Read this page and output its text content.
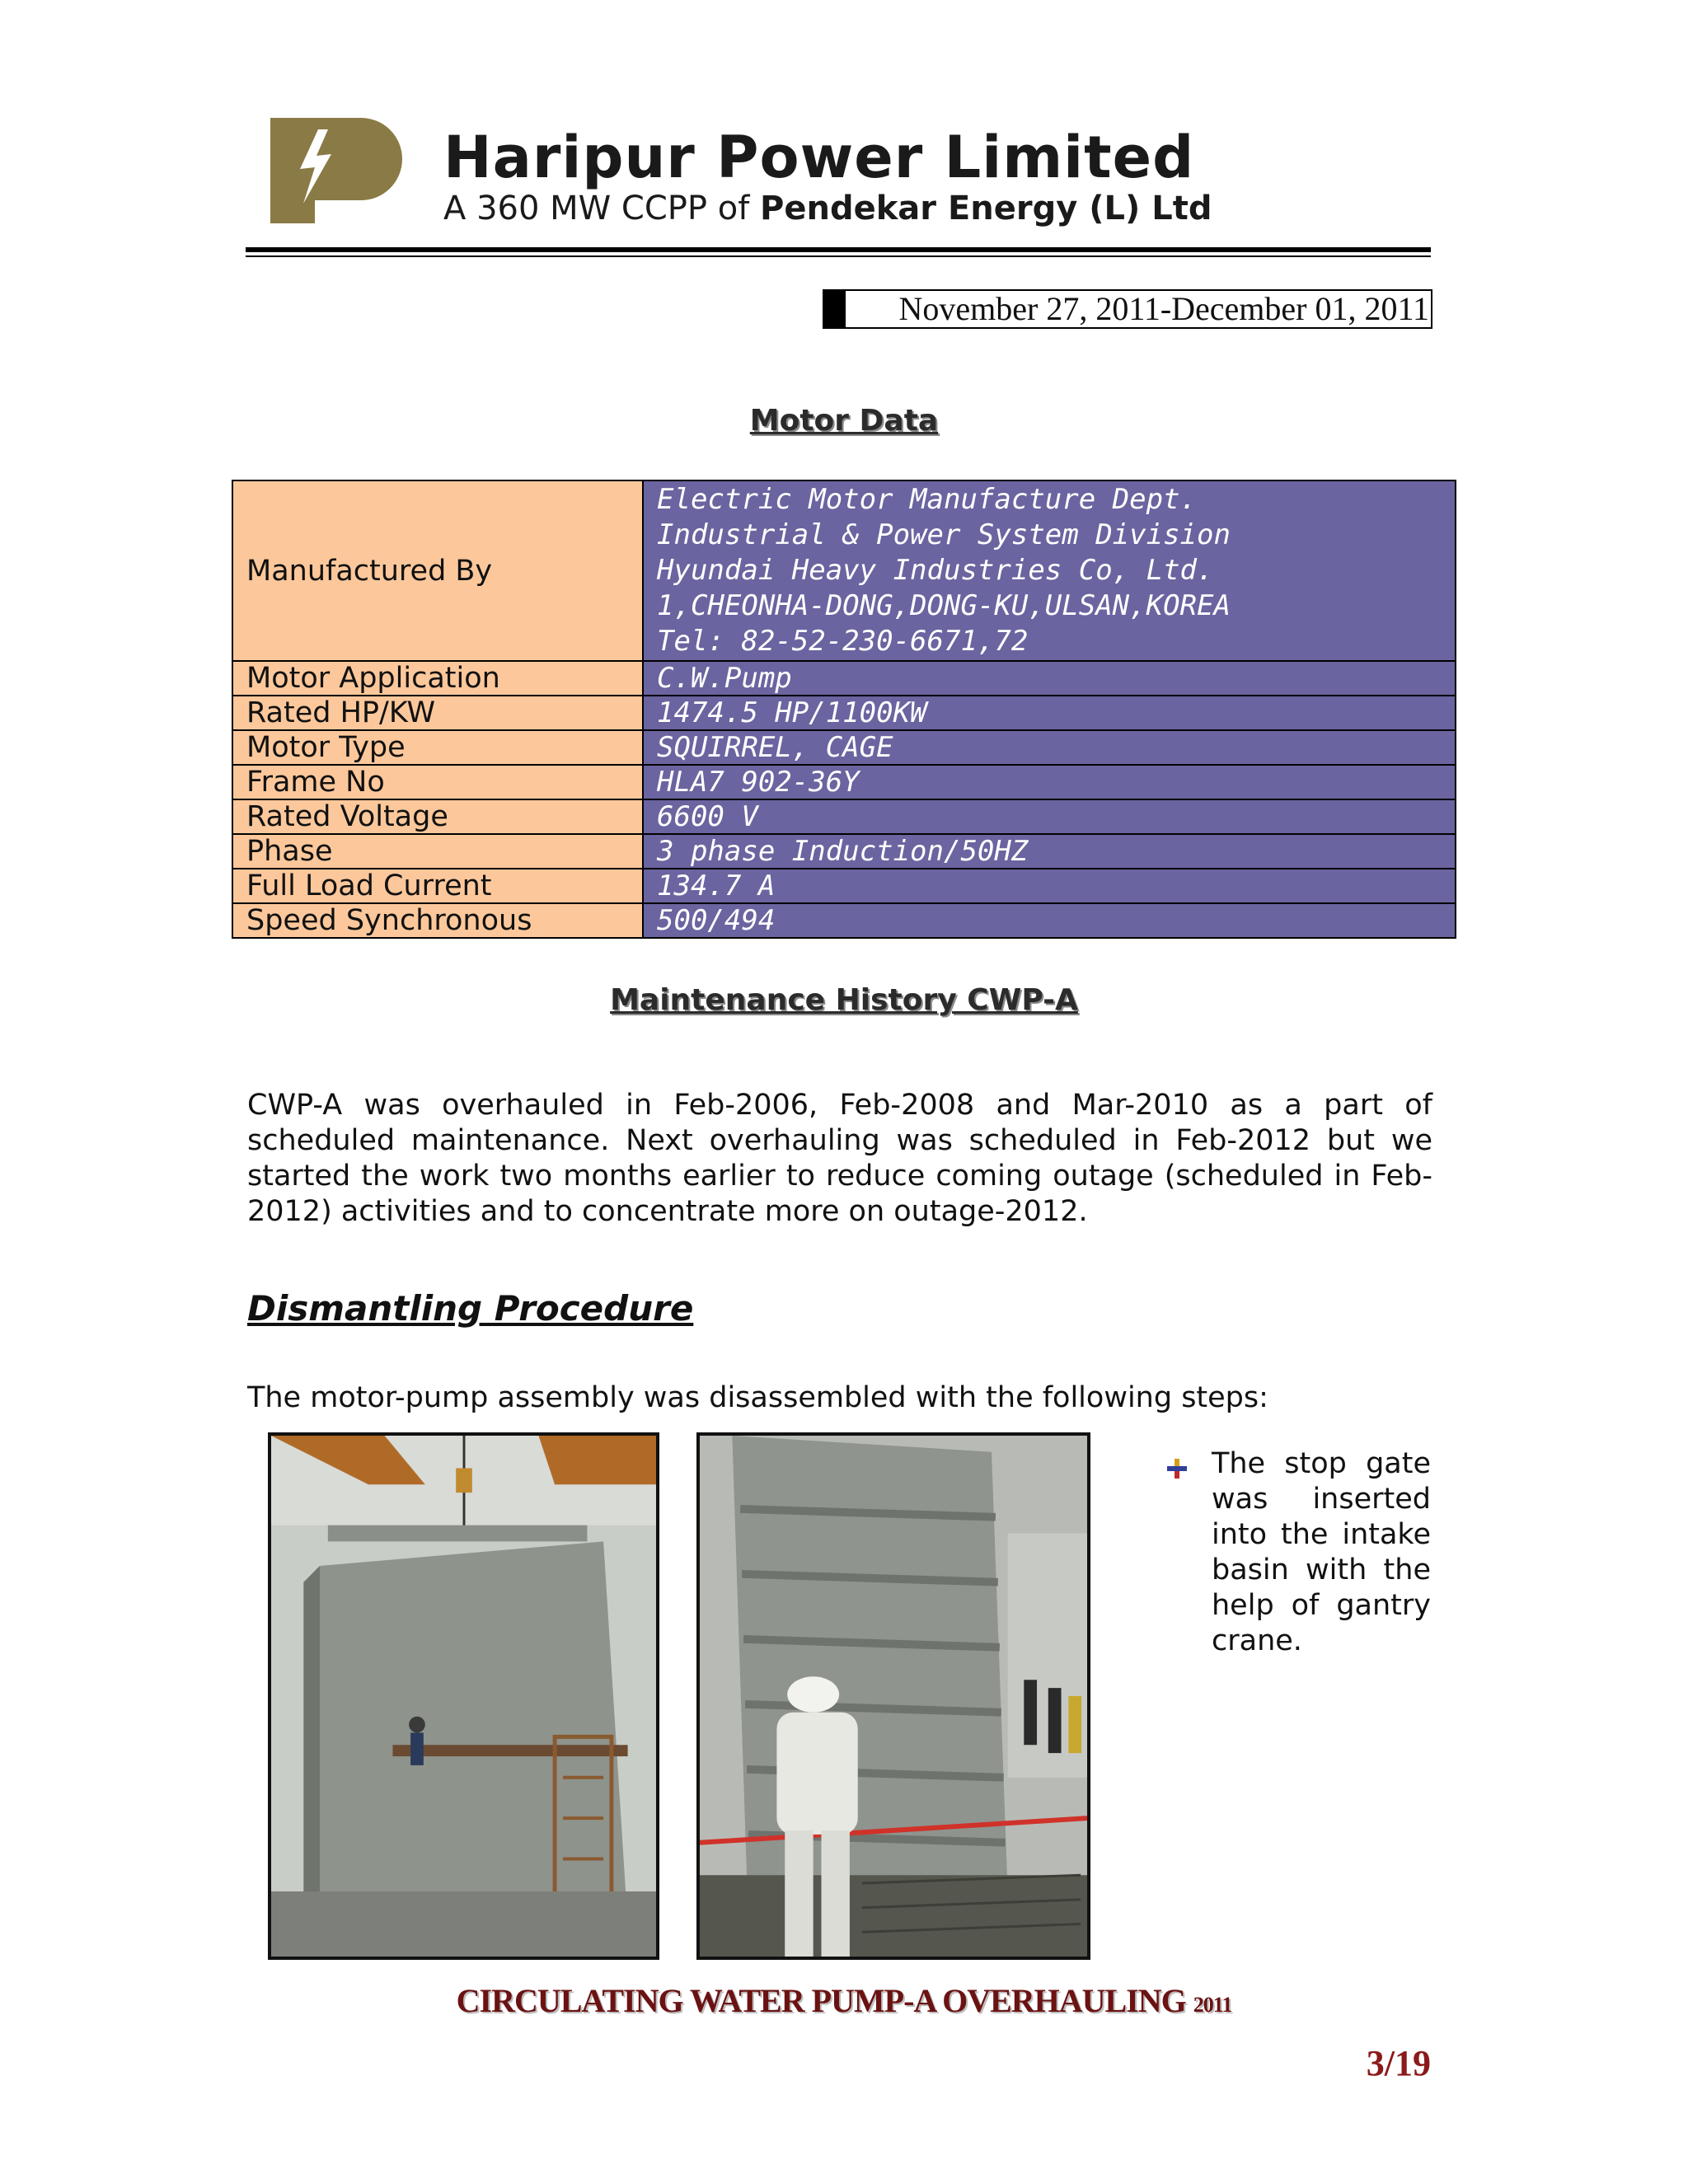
Haripur Power Limited
A 360 MW CCPP of Pendekar Energy (L) Ltd
November 27, 2011-December 01, 2011
Motor Data
Manufactured By	Electric Motor Manufacture Dept.
Industrial & Power System Division
Hyundai Heavy Industries Co, Ltd.
1,CHEONHA-DONG,DONG-KU,ULSAN,KOREA
Tel: 82-52-230-6671,72

Motor Application	C.W.Pump
Rated HP/KW	1474.5 HP/1100KW
Motor Type	SQUIRREL, CAGE
Frame No	HLA7 902-36Y
Rated Voltage	6600 V
Phase	3 phase Induction/50HZ
Full Load Current	134.7 A
Speed Synchronous	500/494
Maintenance History CWP-A
CWP-A was overhauled in Feb-2006, Feb-2008 and Mar-2010 as a part of scheduled maintenance. Next overhauling was scheduled in Feb-2012 but we started the work two months earlier to reduce coming outage (scheduled in Feb-2012) activities and to concentrate more on outage-2012.
Dismantling Procedure
The motor-pump assembly was disassembled with the following steps:
The stop gate was inserted into the intake basin with the help of gantry crane.
CIRCULATING WATER PUMP-A OVERHAULING 2011
3/19
